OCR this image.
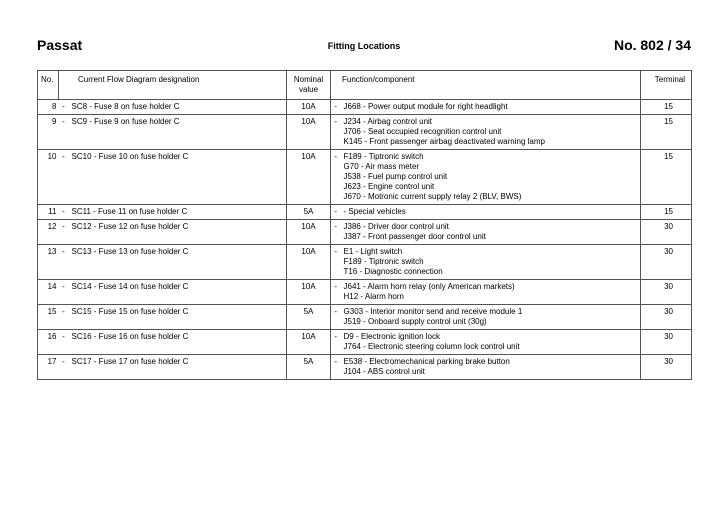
Passat	Fitting Locations	No. 802 / 34
No.	Current Flow Diagram designation		Nominal
value	Function/component		Terminal
8	-	SC8 - Fuse 8 on fuse holder C	10A	-	J668 - Power output module for right headlight	15
9	-	SC9 - Fuse 9 on fuse holder C	10A	-	J234 - Airbag control unit
J706 - Seat occupied recognition control unit
K145 - Front passenger airbag deactivated warning lamp	15
10	-	SC10 - Fuse 10 on fuse holder C	10A	-	F189 - Tiptronic switch
G70 - Air mass meter
J538 - Fuel pump control unit
J623 - Engine control unit
J670 - Motronic current supply relay 2 (BLV, BWS)	15
11	-	SC11 - Fuse 11 on fuse holder C	5A	-	- Special vehicles	15
12	-	SC12 - Fuse 12 on fuse holder C	10A	-	J386 - Driver door control unit
J387 - Front passenger door control unit	30
13	-	SC13 - Fuse 13 on fuse holder C	10A	-	E1 - Light switch
F189 - Tiptronic switch
T16 - Diagnostic connection	30
14	-	SC14 - Fuse 14 on fuse holder C	10A	-	J641 - Alarm horn relay (only American markets)
H12 - Alarm horn	30
15	-	SC15 - Fuse 15 on fuse holder C	5A	-	G303 - Interior monitor send and receive module 1
J519 - Onboard supply control unit (30g)	30
16	-	SC16 - Fuse 16 on fuse holder C	10A	-	D9 - Electronic ignition lock
J764 - Electronic steering column lock control unit	30
17	-	SC17 - Fuse 17 on fuse holder C	5A	-	E538 - Electromechanical parking brake button
J104 - ABS control unit	30
